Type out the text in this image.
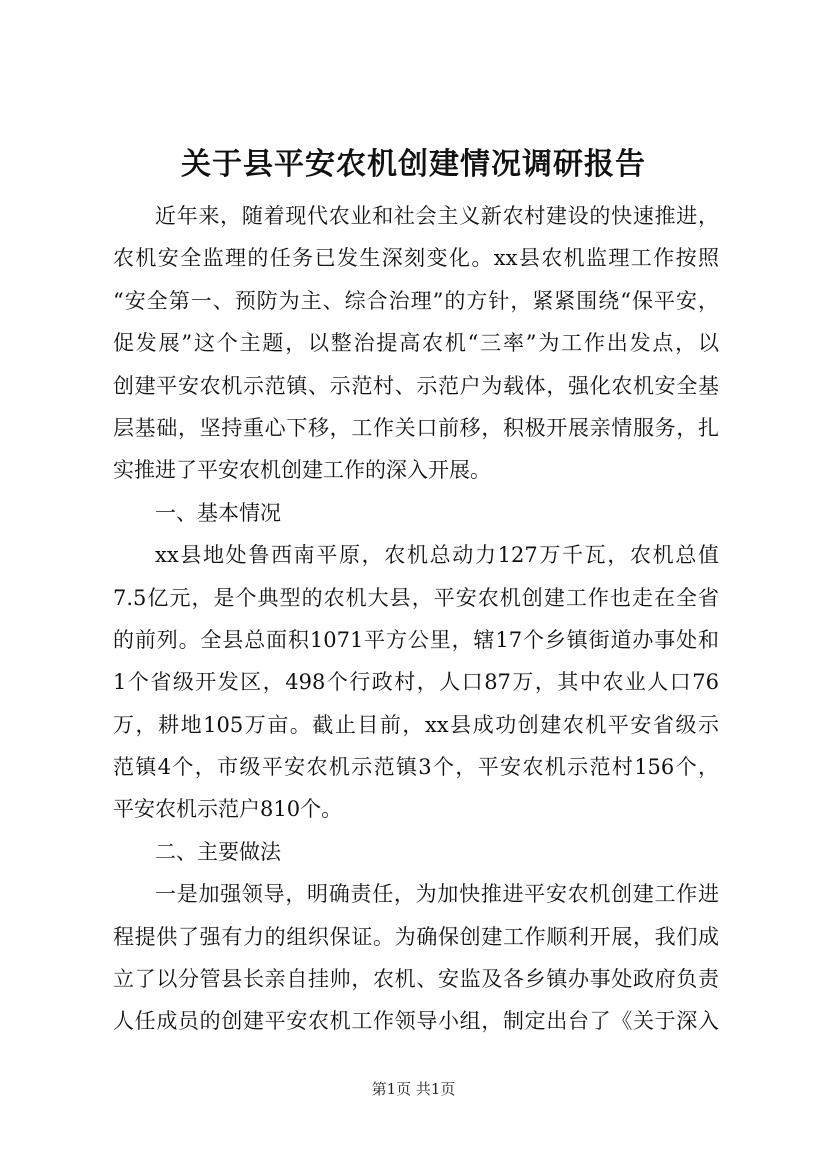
关于县平安农机创建情况调研报告
近年来，随着现代农业和社会主义新农村建设的快速推进，
农机安全监理的任务已发生深刻变化。xx县农机监理工作按照
“安全第一、预防为主、综合治理”的方针，紧紧围绕“保平安，
促发展”这个主题，以整治提高农机“三率”为工作出发点，以
创建平安农机示范镇、示范村、示范户为载体，强化农机安全基
层基础，坚持重心下移，工作关口前移，积极开展亲情服务，扎
实推进了平安农机创建工作的深入开展。
一、基本情况
xx县地处鲁西南平原，农机总动力127万千瓦，农机总值
7.5亿元，是个典型的农机大县，平安农机创建工作也走在全省
的前列。全县总面积1071平方公里，辖17个乡镇街道办事处和
1个省级开发区，498个行政村，人口87万，其中农业人口76
万，耕地105万亩。截止目前，xx县成功创建农机平安省级示
范镇4个，市级平安农机示范镇3个，平安农机示范村156个，
平安农机示范户810个。
二、主要做法
一是加强领导，明确责任，为加快推进平安农机创建工作进
程提供了强有力的组织保证。为确保创建工作顺利开展，我们成
立了以分管县长亲自挂帅，农机、安监及各乡镇办事处政府负责
人任成员的创建平安农机工作领导小组，制定出台了《关于深入
第1页 共1页
